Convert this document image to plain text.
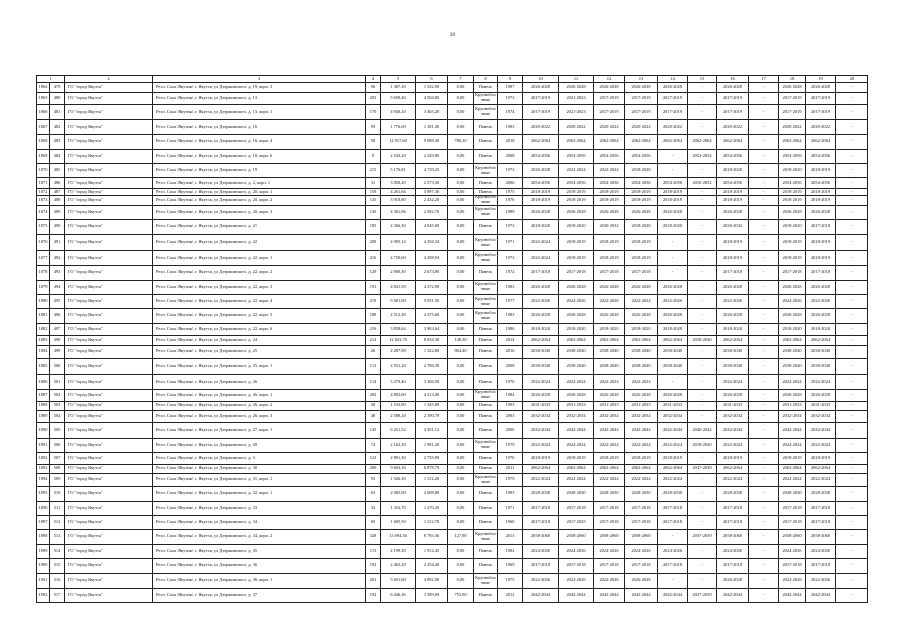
20
1	2	3	4	5	6	7	8	9	10	11	12	13	14	15	16	17	18	19	20
1864	479	ГО "город Якутск"	Респ. Саха /Якутия/, г. Якутск, ул Дзержинского, д. 19, корп. 3	56	1 387,30	1 332,90	0,00	Панель	1987	2026-2028	2026-2028	2026-2028	2026-2028	2026-2028	-	2026-2028	-	2026-2028	2026-2028	-
1865	480	ГО "город Якутск"	Респ. Саха /Якутия/, г. Якутск, ул Дзержинского, д. 13	203	5 658,40	4 504,80	0,00	Крупноблочные	1973	2017-2019	2021-2023	2017-2019	2017-2019	2017-2019	-	2017-2019	-	2017-2019	2017-2019	-
1866	481	ГО "город Якутск"	Респ. Саха /Якутия/, г. Якутск, ул Дзержинского, д. 13, корп. 1	170	4 940,20	3 465,20	0,00	Крупноблочные	1974	2017-2019	2021-2023	2017-2019	2017-2019	2017-2019	-	2017-2019	-	2017-2019	2017-2019	-
1867	482	ГО "город Якутск"	Респ. Саха /Якутия/, г. Якутск, ул Дзержинского, д. 16	59	1 776,60	1 181,30	0,00	Панель	1983	2020-2022	2020-2022	2020-2022	2020-2022	2020-2022	-	2020-2022	-	2020-2022	2020-2022	-
1868	483	ГО "город Якутск"	Респ. Саха /Якутия/, г. Якутск, ул Дзержинского, д. 16, корп. 4	58	12 917,60	9 088,30	786,10	Панель	2018	2062-2064	2062-2064	2062-2064	2062-2064	2062-2064	2062-2064	2062-2064	-	2062-2064	2062-2064	-
1869	484	ГО "город Якутск"	Респ. Саха /Якутия/, г. Якутск, ул Дзержинского, д. 18, корп. 6	8	2 543,20	2 329,80	0,00	Панель	2008	2054-2056	2054-2056	2054-2056	2054-2056	-	2052-2054	2054-2056	-	2054-2056	2054-2056	-
1870	485	ГО "город Якутск"	Респ. Саха /Якутия/, г. Якутск, ул Дзержинского, д. 19	215	5 176,81	4 729,25	0,00	Крупноблочные	1973	2026-2028	2022-2024	2022-2024	2018-2020	-	-	2018-2020	-	2018-2020	2018-2019	-
1871	486	ГО "город Якутск"	Респ. Саха /Якутия/, г. Якутск, ул Дзержинского, д. 2, корп. 1	31	3 858,20	2 573,50	0,00	Панель	2006	2054-2056	2054-2056	2054-2056	2054-2056	2054-2056	2050-2052	2054-2056	-	2054-2056	2054-2056	-
1872	487	ГО "город Якутск"	Респ. Саха /Якутия/, г. Якутск, ул Дзержинского, д. 20, корп. 1	159	4 261,66	3 897,30	0,00	Панель	1975	2018-2019	2018-2019	2018-2019	2018-2019	2018-2019	-	2018-2019	-	2018-2019	2018-2019	-
1873	488	ГО "город Якутск"	Респ. Саха /Якутия/, г. Якутск, ул Дзержинского, д. 20, корп. 2	135	3 918,80	2 432,20	0,00	Крупноблочные	1976	2018-2019	2018-2019	2018-2019	2018-2019	2018-2019	-	2018-2019	-	2018-2019	2018-2019	-
1874	489	ГО "город Якутск"	Респ. Саха /Якутия/, г. Якутск, ул Дзержинского, д. 20, корп. 3	136	4 361,06	2 582,70	0,00	Крупноблочные	1989	2026-2028	2026-2028	2026-2028	2026-2028	2026-2028	-	2026-2028	-	2026-2028	2026-2028	-
1875	490	ГО "город Якутск"	Респ. Саха /Якутия/, г. Якутск, ул Дзержинского, д. 21	185	4 366,30	4 045,00	0,00	Панель	1973	2018-2020	2018-2020	2030-2032	2018-2020	2018-2020	-	2030-2032	-	2018-2020	2017-2018	-
1876	491	ГО "город Якутск"	Респ. Саха /Якутия/, г. Якутск, ул Дзержинского, д. 22	209	4 905,14	4 294,34	0,00	Крупноблочные	1971	2022-2024	2018-2019	2018-2019	2018-2019	-	-	2018-2019	-	2018-2019	2018-2019	-
1877	492	ГО "город Якутск"	Респ. Саха /Якутия/, г. Якутск, ул Дзержинского, д. 22, корп. 1	216	4 750,60	4 298,94	0,00	Крупноблочные	1973	2022-2024	2018-2019	2018-2019	2018-2019	-	-	2018-2019	-	2018-2019	2018-2019	-
1878	493	ГО "город Якутск"	Респ. Саха /Якутия/, г. Якутск, ул Дзержинского, д. 22, корп. 2	129	2 900,30	2 673,80	0,00	Панель	1972	2017-2018	2017-2018	2017-2018	2017-2018	-	-	2017-2018	-	2017-2018	2017-2018	-
1879	494	ГО "город Якутск"	Респ. Саха /Якутия/, г. Якутск, ул Дзержинского, д. 22, корп. 3	191	4 841,50	4 272,90	0,00	Крупноблочные	1983	2026-2028	2026-2028	2026-2028	2026-2028	2026-2028	-	2026-2028	-	2026-2028	2026-2028	-
1880	495	ГО "город Якутск"	Респ. Саха /Якутия/, г. Якутск, ул Дзержинского, д. 22, корп. 4	218	5 681,00	5 031,50	0,00	Крупноблочные	1977	2022-2026	2022-2026	2022-2026	2022-2024	2022-2026	-	2022-2026	-	2022-2026	2022-2026	-
1881	496	ГО "город Якутск"	Респ. Саха /Якутия/, г. Якутск, ул Дзержинского, д. 22, корп. 5	188	4 512,30	4 275,60	0,00	Крупноблочные	1983	2026-2028	2026-2028	2026-2028	2026-2028	2026-2028	-	2026-2028	-	2026-2028	2026-2028	-
1882	497	ГО "город Якутск"	Респ. Саха /Якутия/, г. Якутск, ул Дзержинского, д. 22, корп. 6	216	3 858,64	3 963,64	0,00	Панель	1986	2018-2020	2018-2020	2018-2020	2018-2020	2018-2020	-	2018-2020	-	2018-2020	2018-2020	-
1883	498	ГО "город Якутск"	Респ. Саха /Якутия/, г. Якутск, ул Дзержинского, д. 24	214	12 023,70	8 834,30	148,30	Панель	2014	2062-2064	2062-2064	2062-2064	2062-2064	2062-2064	2038-2040	2062-2064	-	2062-2064	2062-2064	-
1884	499	ГО "город Якутск"	Респ. Саха /Якутия/, г. Якутск, ул Дзержинского, д. 25	26	2 287,90	1 322,80	864,40	Панель	2016	2038-2040	2038-2040	2038-2040	2038-2040	2038-2040	-	2038-2040	-	2038-2040	2038-2040	-
1885	500	ГО "город Якутск"	Респ. Саха /Якутия/, г. Якутск, ул Дзержинского, д. 25, корп. 1	113	2 931,20	2 786,30	0,00	Панель	2008	2038-2040	2038-2040	2038-2040	2038-2040	2038-2040	-	2038-2040	-	2038-2040	2038-2040	-
1886	501	ГО "город Якутск"	Респ. Саха /Якутия/, г. Якутск, ул Дзержинского, д. 26	114	3 279,40	3 366,50	0,00	Панель	1976	2022-2024	2022-2024	2022-2024	2022-2024	-	-	2022-2024	-	2022-2024	2022-2024	-
1887	502	ГО "город Якутск"	Респ. Саха /Якутия/, г. Якутск, ул Дзержинского, д. 26, корп. 1	202	4 802,60	4 313,00	0,00	Крупноблочные	1984	2026-2028	2026-2028	2026-2028	2026-2028	2026-2028	-	2026-2028	-	2026-2028	2026-2028	-
1888	503	ГО "город Якутск"	Респ. Саха /Якутия/, г. Якутск, ул Дзержинского, д. 26, корп. 2	38	1 533,80	1 345,80	0,00	Панель	1993	2031-2033	2031-2033	2031-2033	2031-2033	2031-2033	-	2031-2033	-	2031-2033	2031-2033	-
1889	504	ГО "город Якутск"	Респ. Саха /Якутия/, г. Якутск, ул Дзержинского, д. 26, корп. 3	48	2 588,20	2 390,70	0,00	Панель	2003	2032-2034	2032-2034	2032-2034	2032-2034	2032-2034	-	2032-2034	-	2032-2034	2032-2034	-
1890	505	ГО "город Якутск"	Респ. Саха /Якутия/, г. Якутск, ул Дзержинского, д. 27, корп. 1	145	6 251,52	4 501,12	0,00	Панель	2006	2042-2044	2042-2044	2042-2044	2042-2044	2042-2044	2040-2042	2042-2044	-	2042-2044	2042-2044	-
1891	506	ГО "город Якутск"	Респ. Саха /Якутия/, г. Якутск, ул Дзержинского, д. 28	74	2 162,30	1 981,20	0,00	Крупноблочные	1979	2022-2024	2022-2024	2022-2024	2022-2024	2022-2024	2018-2020	2022-2024	-	2022-2024	2022-2024	-
1892	507	ГО "город Якутск"	Респ. Саха /Якутия/, г. Якутск, ул Дзержинского, д. 3	122	2 891,30	2 755,90	0,00	Панель	1976	2018-2019	2018-2019	2018-2019	2018-2019	2018-2019	-	2018-2019	-	2018-2019	2018-2019	-
1893	508	ГО "город Якутск"	Респ. Саха /Якутия/, г. Якутск, ул Дзержинского, д. 30	200	9 603,30	6 878,70	0,00	Панель	2011	2062-2064	2062-2064	2062-2064	2062-2064	2062-2064	2037-2039	2062-2064	-	2062-2064	2062-2064	-
1894	509	ГО "город Якутск"	Респ. Саха /Якутия/, г. Якутск, ул Дзержинского, д. 31, корп. 1	55	1 926,30	1 512,20	0,00	Крупноблочные	1979	2022-2024	2022-2024	2022-2024	2022-2024	2022-2024	-	2022-2024	-	2022-2024	2022-2024	-
1895	510	ГО "город Якутск"	Респ. Саха /Якутия/, г. Якутск, ул Дзержинского, д. 32, корп. 1	63	2 083,00	2 008,80	0,00	Панель	1993	2028-2030	2028-2030	2028-2030	2028-2030	2028-2030	-	2028-2030	-	2028-2030	2028-2030	-
1896	511	ГО "город Якутск"	Респ. Саха /Якутия/, г. Якутск, ул Дзержинского, д. 33	33	1 316,70	1 270,20	0,00	Панель	1971	2017-2018	2017-2018	2017-2018	2017-2018	2017-2018	-	2017-2018	-	2017-2018	2017-2018	-
1897	512	ГО "город Якутск"	Респ. Саха /Якутия/, г. Якутск, ул Дзержинского, д. 34	65	1 605,50	1 512,70	0,00	Панель	1960	2017-2018	2017-2025	2017-2018	2017-2018	2017-2018	-	2017-2018	-	2017-2018	2017-2018	-
1898	513	ГО "город Якутск"	Респ. Саха /Якутия/, г. Якутск, ул Дзержинского, д. 34, корп. 2	328	13 694,36	8 793,36	127,90	Крупноблочные	2013	2058-2060	2058-2060	2058-2060	2058-2060	-	2037-2039	2058-2060	-	2058-2060	2058-2060	-
1899	514	ГО "город Якутск"	Респ. Саха /Якутия/, г. Якутск, ул Дзержинского, д. 35	115	2 199,30	1 912,45	0,00	Панель	1982	2024-2026	2024-2026	2024-2026	2024-2026	2024-2026	-	2024-2026	-	2024-2026	2024-2026	-
1900	515	ГО "город Якутск"	Респ. Саха /Якутия/, г. Якутск, ул Дзержинского, д. 36	192	2 463,20	2 254,40	0,00	Панель	1969	2017-2018	2017-2018	2017-2018	2017-2018	2017-2018	-	2017-2018	-	2017-2018	2017-2018	-
1901	516	ГО "город Якутск"	Респ. Саха /Якутия/, г. Якутск, ул Дзержинского, д. 36, корп. 1	201	5 601,60	4 892,90	0,00	Крупноблочные	1975	2022-2026	2022-2026	2022-2026	2026-2028	-	-	2026-2028	-	2022-2026	2022-2026	-
1902	517	ГО "город Якутск"	Респ. Саха /Якутия/, г. Якутск, ул Дзержинского, д. 37	192	6 446,36	3 589,09	753,90	Панель	2012	2042-2044	2042-2044	2042-2044	2042-2044	2042-2044	2037-2039	2042-2044	-	2042-2044	2042-2044	-
